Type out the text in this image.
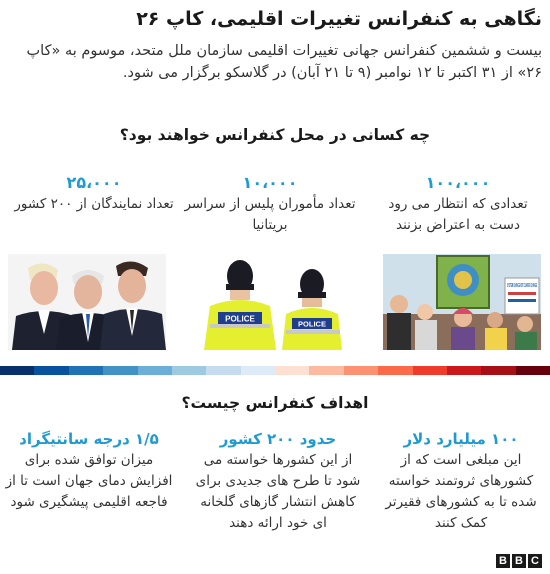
نگاهی به کنفرانس تغییرات اقلیمی، کاپ ۲۶
بیست و ششمین کنفرانس جهانی تغییرات اقلیمی سازمان ملل متحد، موسوم به «کاپ ۲۶» از ۳۱ اکتبر تا ۱۲ نوامبر (۹ تا ۲۱ آبان) در گلاسکو برگزار می شود.
چه کسانی در محل کنفرانس خواهند بود؟
۱۰۰،۰۰۰
تعدادی که انتظار می رود دست به اعتراض بزنند
۱۰،۰۰۰
تعداد مأموران پلیس از سراسر بریتانیا
۲۵،۰۰۰
تعداد نمایندگان از ۲۰۰ کشور
SYSTEM CHANGE NOT CLIMATE CHANGE
POLICE
POLICE
اهداف کنفرانس چیست؟
۱۰۰ میلیارد دلار
این مبلغی است که از کشورهای ثروتمند خواسته شده تا به کشورهای فقیرتر کمک کنند
حدود ۲۰۰ کشور
از این کشورها خواسته می شود تا طرح های جدیدی برای کاهش انتشار گازهای گلخانه ای خود ارائه دهند
۱/۵ درجه سانتیگراد
میزان توافق شده برای افزایش دمای جهان است تا از فاجعه اقلیمی پیشگیری شود
B B C
